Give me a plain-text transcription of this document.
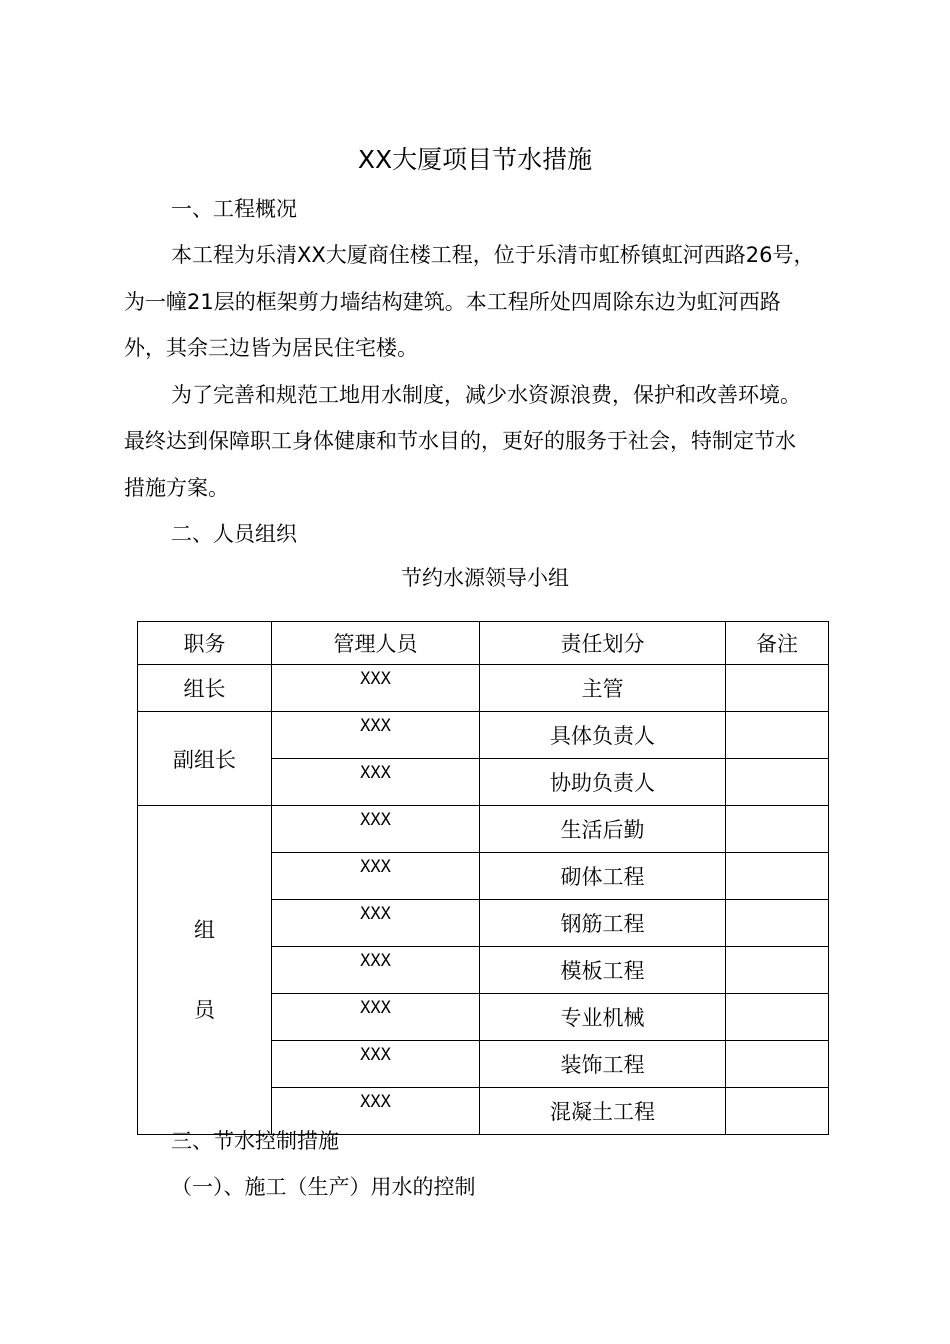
XX大厦项目节水措施
一、工程概况
本工程为乐清XX大厦商住楼工程，位于乐清市虹桥镇虹河西路26号，
为一幢21层的框架剪力墙结构建筑。本工程所处四周除东边为虹河西路
外，其余三边皆为居民住宅楼。
为了完善和规范工地用水制度，减少水资源浪费，保护和改善环境。
最终达到保障职工身体健康和节水目的，更好的服务于社会，特制定节水
措施方案。
二、人员组织
节约水源领导小组
职务	管理人员	责任划分	备注
组长	XXX	主管	
副组长	XXX	具体负责人	
	XXX	协助负责人	
组
员	XXX	生活后勤	
	XXX	砌体工程	
	XXX	钢筋工程	
	XXX	模板工程	
	XXX	专业机械	
	XXX	装饰工程	
	XXX	混凝土工程	
三、节水控制措施
（一）、施工（生产）用水的控制
